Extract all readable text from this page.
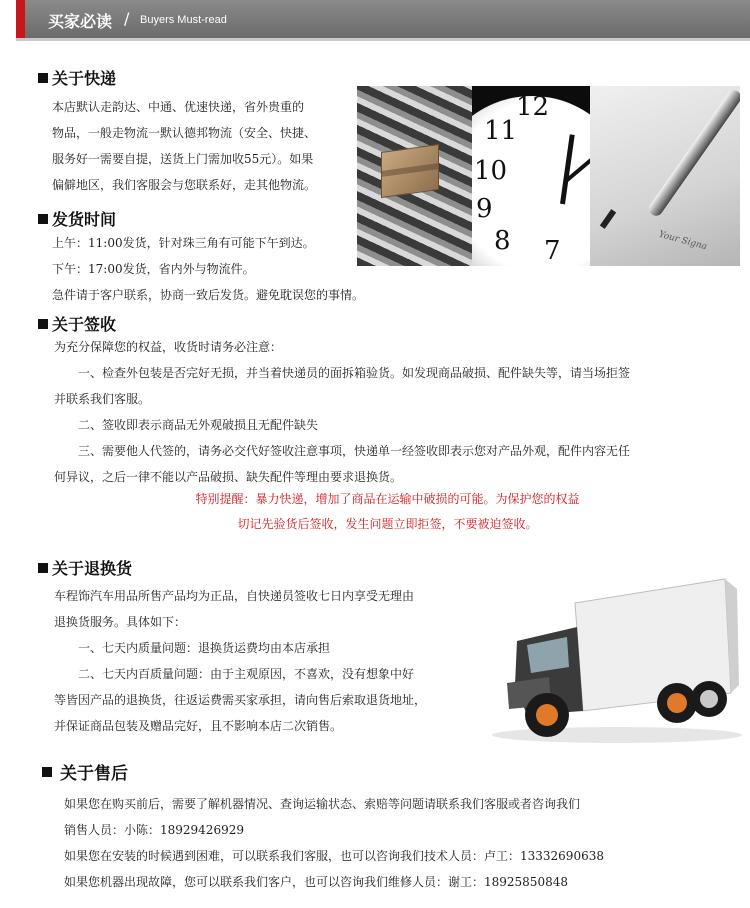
买家必读 / Buyers Must-read
关于快递
本店默认走韵达、中通、优速快递，省外贵重的
物品，一般走物流一默认德邦物流（安全、快捷、
服务好一需要自提，送货上门需加收55元）。如果
偏僻地区，我们客服会与您联系好，走其他物流。
12
11
10
9
8 7	Your Signa
发货时间
上午：11:00发货，针对珠三角有可能下午到达。
下午：17:00发货，省内外与物流件。
急件请于客户联系，协商一致后发货。避免耽误您的事情。
关于签收
为充分保障您的权益，收货时请务必注意：
一、检查外包装是否完好无损，并当着快递员的面拆箱验货。如发现商品破损、配件缺失等，请当场拒签
并联系我们客服。
二、签收即表示商品无外观破损且无配件缺失
三、需要他人代签的，请务必交代好签收注意事项，快递单一经签收即表示您对产品外观，配件内容无任
何异议，之后一律不能以产品破损、缺失配件等理由要求退换货。
特别提醒：暴力快递，增加了商品在运输中破损的可能。为保护您的权益
切记先验货后签收，发生问题立即拒签，不要被迫签收。
关于退换货
车程饰汽车用品所售产品均为正品，自快递员签收七日内享受无理由
退换货服务。具体如下：
一、七天内质量问题：退换货运费均由本店承担
二、七天内百质量问题：由于主观原因，不喜欢，没有想象中好
等皆因产品的退换货，往返运费需买家承担，请向售后索取退货地址，
并保证商品包装及赠品完好，且不影响本店二次销售。
关于售后
如果您在购买前后，需要了解机器情况、查询运输状态、索赔等问题请联系我们客服或者咨询我们
销售人员：小陈：18929426929
如果您在安装的时候遇到困难，可以联系我们客服，也可以咨询我们技术人员：卢工：13332690638
如果您机器出现故障，您可以联系我们客户，也可以咨询我们维修人员：谢工：18925850848
